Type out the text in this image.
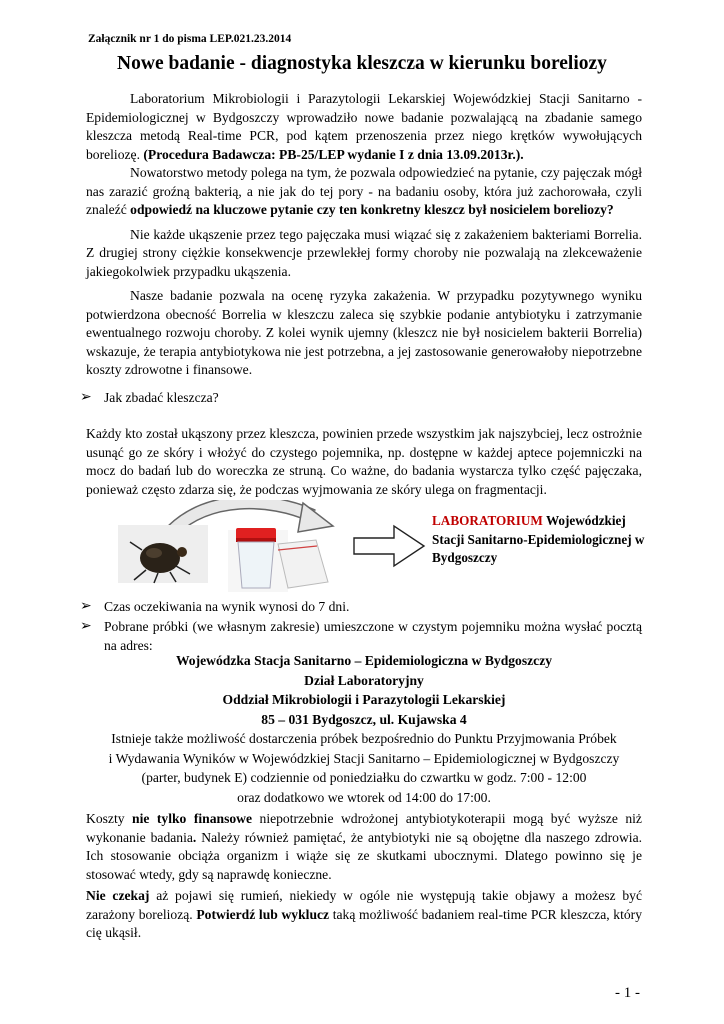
Załącznik nr 1 do pisma LEP.021.23.2014
Nowe badanie - diagnostyka kleszcza w kierunku boreliozy

Laboratorium Mikrobiologii i Parazytologii Lekarskiej Wojewódzkiej Stacji Sanitarno -Epidemiologicznej w Bydgoszczy wprowadziło nowe badanie pozwalającą na zbadanie samego kleszcza metodą Real-time PCR, pod kątem przenoszenia przez niego krętków wywołujących boreliozę. (Procedura Badawcza: PB-25/LEP wydanie I z dnia 13.09.2013r.).

Nowatorstwo metody polega na tym, że pozwala odpowiedzieć na pytanie, czy pajęczak mógł nas zarazić groźną bakterią, a nie jak do tej pory - na badaniu osoby, która już zachorowała, czyli znaleźć odpowiedź na kluczowe pytanie czy ten konkretny kleszcz był nosicielem boreliozy?

Nie każde ukąszenie przez tego pajęczaka musi wiązać się z zakażeniem bakteriami Borrelia. Z drugiej strony ciężkie konsekwencje przewlekłej formy choroby nie pozwalają na zlekceważenie jakiegokolwiek przypadku ukąszenia.

Nasze badanie pozwala na ocenę ryzyka zakażenia. W przypadku pozytywnego wyniku potwierdzona obecność Borrelia w kleszczu zaleca się szybkie podanie antybiotyku i zatrzymanie ewentualnego rozwoju choroby. Z kolei wynik ujemny (kleszcz nie był nosicielem bakterii Borrelia) wskazuje, że terapia antybiotykowa nie jest potrzebna, a jej zastosowanie generowałoby niepotrzebne koszty zdrowotne i finansowe.

➢ Jak zbadać kleszcza?
Każdy kto został ukąszony przez kleszcza, powinien przede wszystkim jak najszybciej, lecz ostrożnie usunąć go ze skóry i włożyć do czystego pojemnika, np. dostępne w każdej aptece pojemniczki na mocz do badań lub do woreczka ze struną. Co ważne, do badania wystarcza tylko część pajęczaka, ponieważ często zdarza się, że podczas wyjmowania ze skóry ulega on fragmentacji.
LABORATORIUM Wojewódzkiej Stacji Sanitarno-Epidemiologicznej w Bydgoszczy
➢ Czas oczekiwania na wynik wynosi do 7 dni.
➢ Pobrane próbki (we własnym zakresie) umieszczone w czystym pojemniku można wysłać pocztą na adres:
Wojewódzka Stacja Sanitarno – Epidemiologiczna w Bydgoszczy
Dział Laboratoryjny
Oddział Mikrobiologii i Parazytologii Lekarskiej
85 – 031 Bydgoszcz, ul. Kujawska 4
Istnieje także możliwość dostarczenia próbek bezpośrednio do Punktu Przyjmowania Próbek
i Wydawania Wyników w Wojewódzkiej Stacji Sanitarno – Epidemiologicznej w Bydgoszczy
(parter, budynek E) codziennie od poniedziałku do czwartku w godz. 7:00 - 12:00
oraz dodatkowo we wtorek od 14:00 do 17:00.
Koszty nie tylko finansowe niepotrzebnie wdrożonej antybiotykoterapii mogą być wyższe niż wykonanie badania. Należy również pamiętać, że antybiotyki nie są obojętne dla naszego zdrowia. Ich stosowanie obciąża organizm i wiąże się ze skutkami ubocznymi. Dlatego powinno się je stosować wtedy, gdy są naprawdę konieczne.
Nie czekaj aż pojawi się rumień, niekiedy w ogóle nie występują takie objawy a możesz być zarażony boreliozą. Potwierdź lub wyklucz taką możliwość badaniem real-time PCR kleszcza, który cię ukąsił.
- 1 -
